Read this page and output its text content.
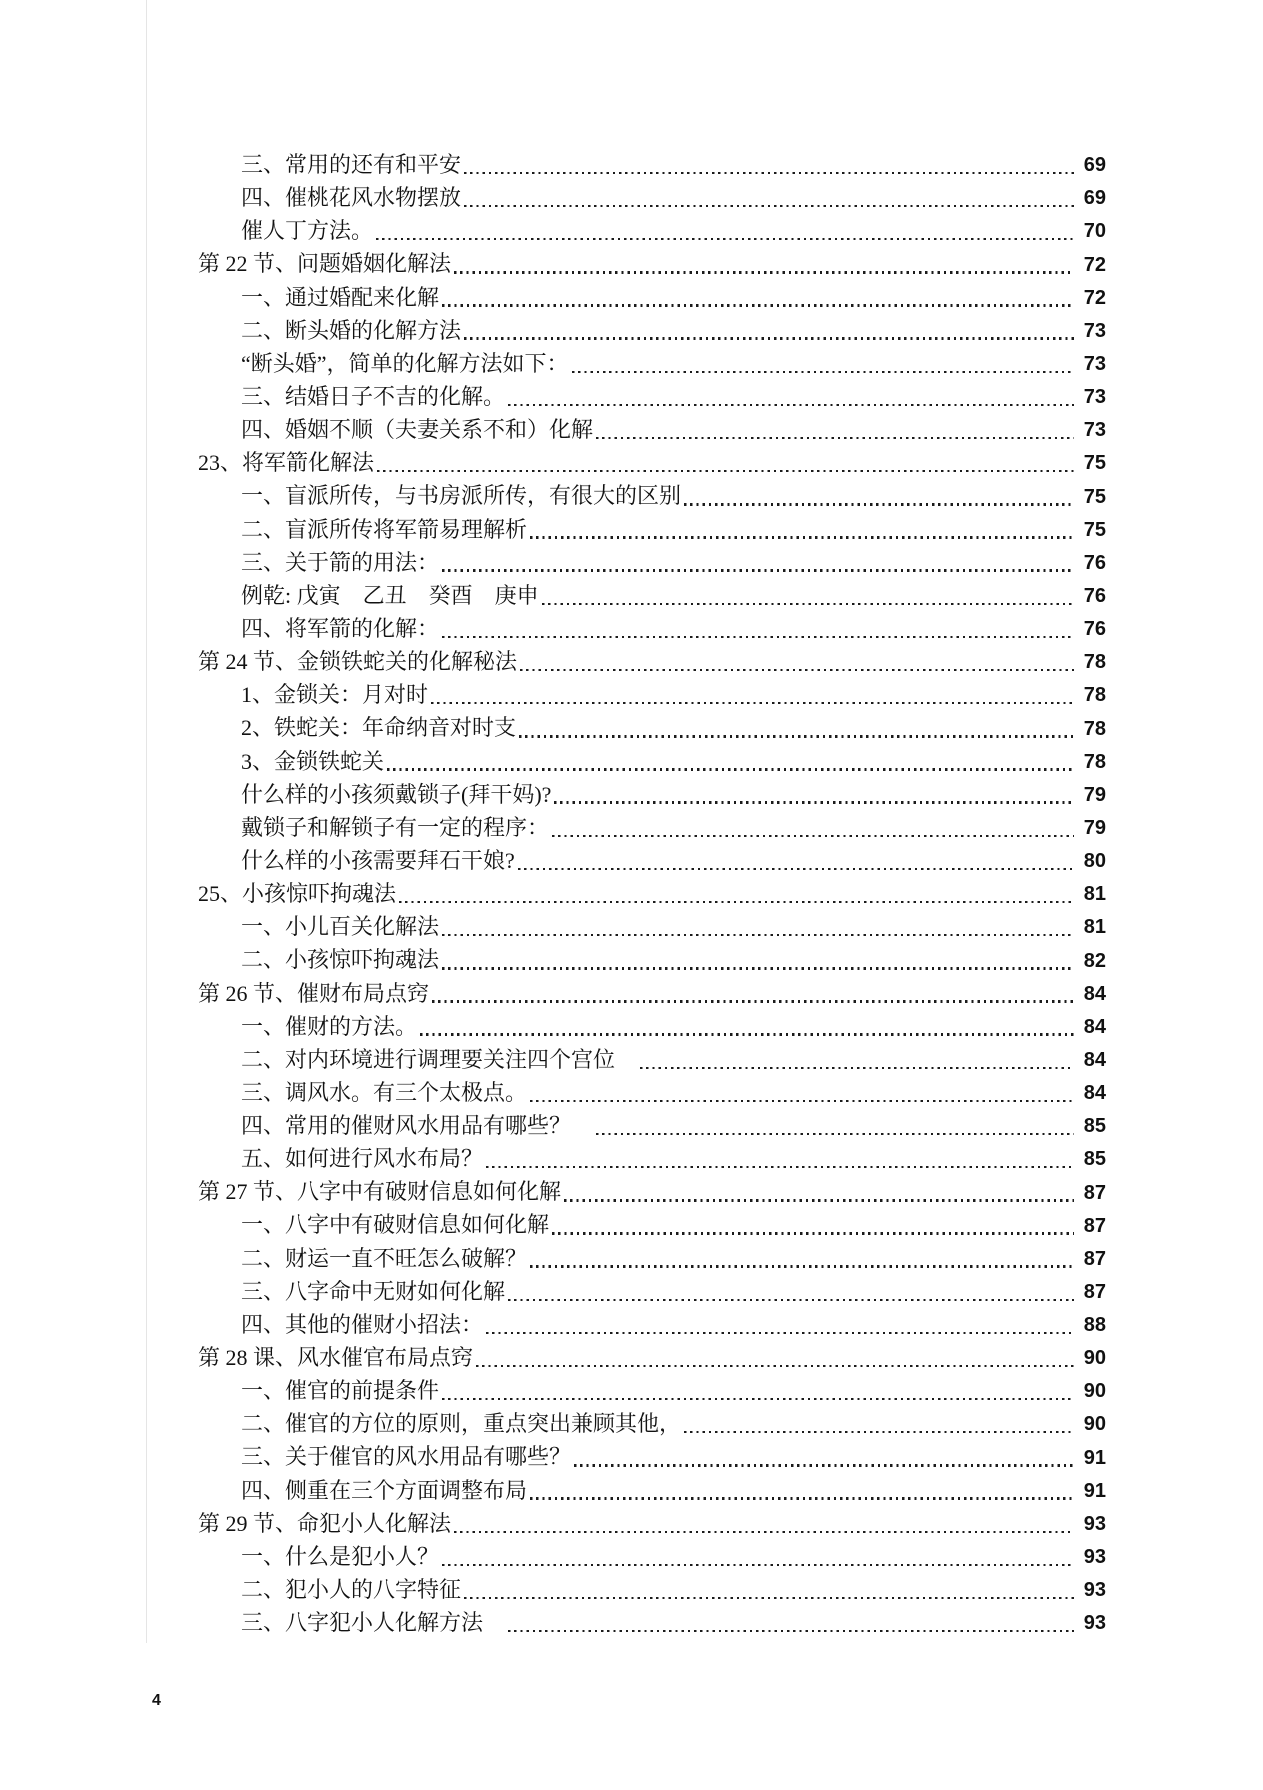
三、常用的还有和平安	69
四、催桃花风水物摆放	69
催人丁方法。	70
第 22 节、问题婚姻化解法	72
一、通过婚配来化解	72
二、断头婚的化解方法	73
“断头婚”，简单的化解方法如下：	73
三、结婚日子不吉的化解。	73
四、婚姻不顺（夫妻关系不和）化解	73
23、将军箭化解法	75
一、盲派所传，与书房派所传，有很大的区别	75
二、盲派所传将军箭易理解析	75
三、关于箭的用法：	76
例乾: 戊寅　乙丑　癸酉　庚申	76
四、将军箭的化解：	76
第 24 节、金锁铁蛇关的化解秘法	78
1、金锁关：月对时	78
2、铁蛇关：年命纳音对时支	78
3、金锁铁蛇关	78
什么样的小孩须戴锁子(拜干妈)?	79
戴锁子和解锁子有一定的程序：	79
什么样的小孩需要拜石干娘?	80
25、小孩惊吓拘魂法	81
一、小儿百关化解法	81
二、小孩惊吓拘魂法	82
第 26 节、催财布局点窍	84
一、催财的方法。	84
二、对内环境进行调理要关注四个宫位　	84
三、调风水。有三个太极点。	84
四、常用的催财风水用品有哪些？　	85
五、如何进行风水布局？	85
第 27 节、八字中有破财信息如何化解	87
一、八字中有破财信息如何化解	87
二、财运一直不旺怎么破解？	87
三、八字命中无财如何化解	87
四、其他的催财小招法：	88
第 28 课、风水催官布局点窍	90
一、催官的前提条件	90
二、催官的方位的原则，重点突出兼顾其他，	90
三、关于催官的风水用品有哪些？	91
四、侧重在三个方面调整布局	91
第 29 节、命犯小人化解法	93
一、什么是犯小人？	93
二、犯小人的八字特征	93
三、八字犯小人化解方法　	93
4
